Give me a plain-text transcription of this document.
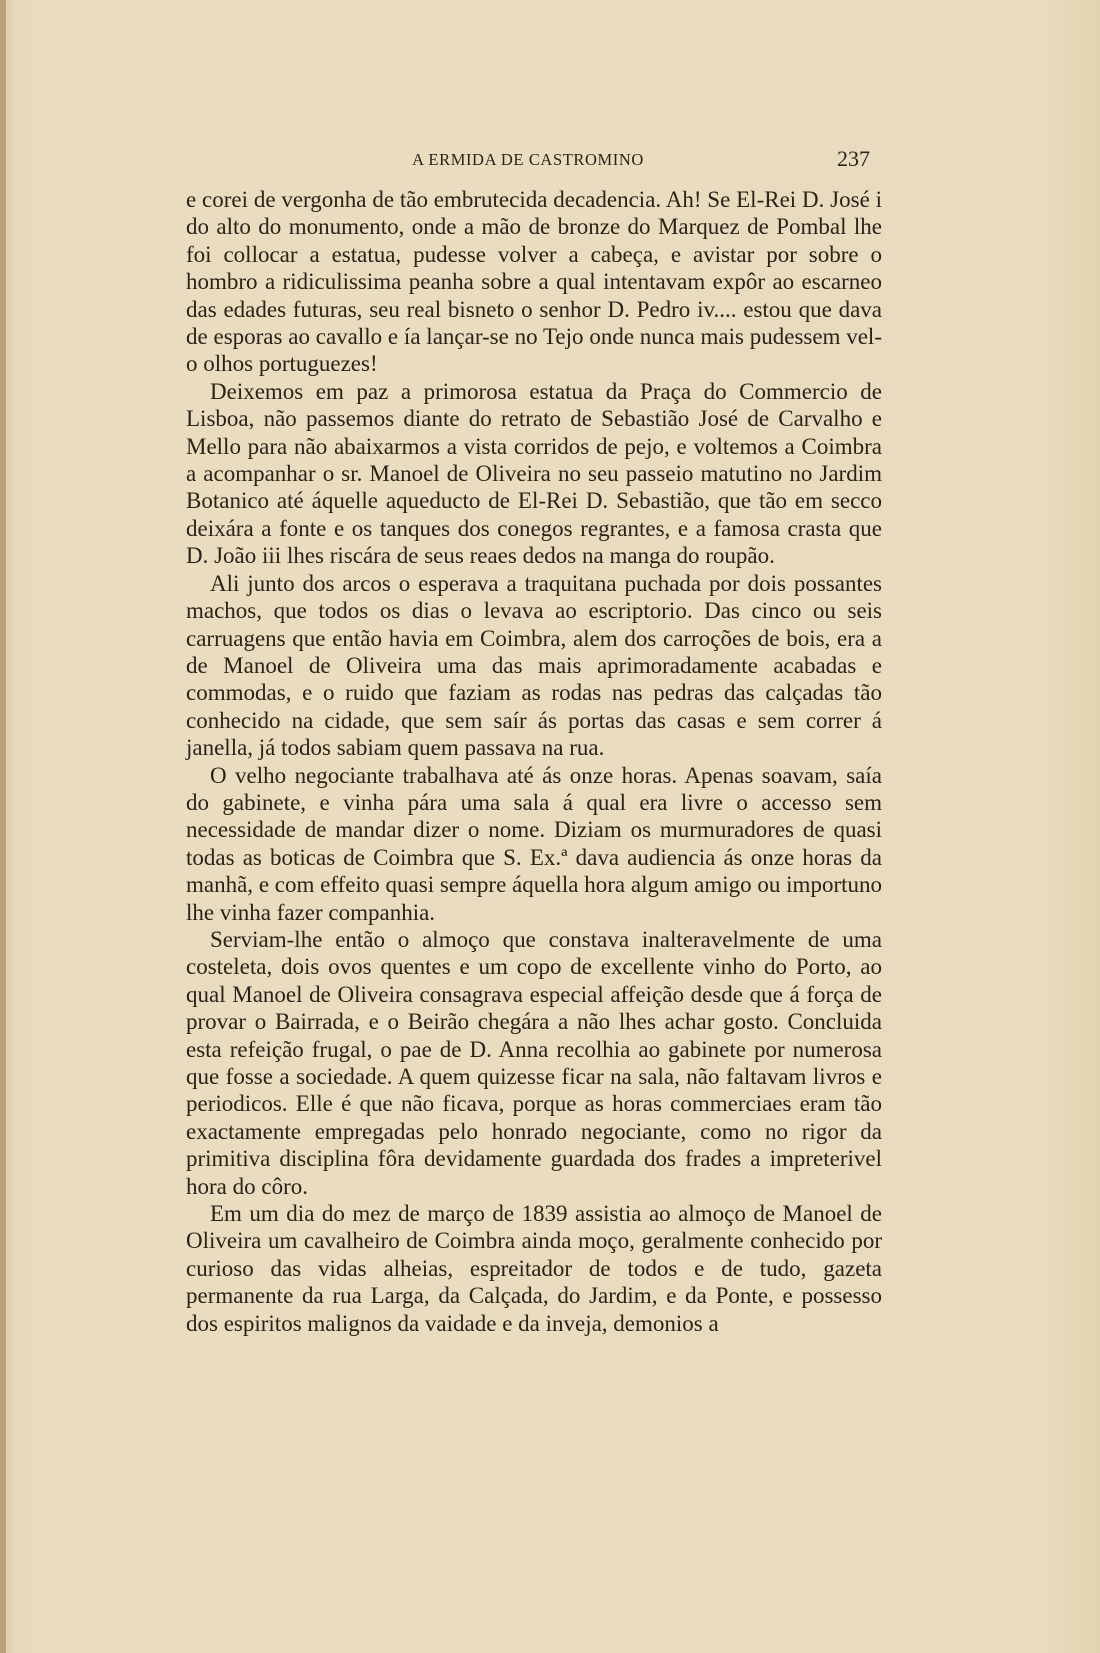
A ERMIDA DE CASTROMINO	237

e corei de vergonha de tão embrutecida decadencia. Ah! Se El-Rei D. José i do alto do monumento, onde a mão de bronze do Marquez de Pombal lhe foi collocar a estatua, pudesse volver a cabeça, e avistar por sobre o hombro a ridiculissima peanha sobre a qual intentavam expôr ao escarneo das edades futuras, seu real bisneto o senhor D. Pedro iv.... estou que dava de esporas ao cavallo e ía lançar-se no Tejo onde nunca mais pudessem vel-o olhos portuguezes!

Deixemos em paz a primorosa estatua da Praça do Commercio de Lisboa, não passemos diante do retrato de Sebastião José de Carvalho e Mello para não abaixarmos a vista corridos de pejo, e voltemos a Coimbra a acompanhar o sr. Manoel de Oliveira no seu passeio matutino no Jardim Botanico até áquelle aqueducto de El-Rei D. Sebastião, que tão em secco deixára a fonte e os tanques dos conegos regrantes, e a famosa crasta que D. João iii lhes riscára de seus reaes dedos na manga do roupão.

Ali junto dos arcos o esperava a traquitana puchada por dois possantes machos, que todos os dias o levava ao escriptorio. Das cinco ou seis carruagens que então havia em Coimbra, alem dos carroções de bois, era a de Manoel de Oliveira uma das mais aprimoradamente acabadas e commodas, e o ruido que faziam as rodas nas pedras das calçadas tão conhecido na cidade, que sem saír ás portas das casas e sem correr á janella, já todos sabiam quem passava na rua.

O velho negociante trabalhava até ás onze horas. Apenas soavam, saía do gabinete, e vinha pára uma sala á qual era livre o accesso sem necessidade de mandar dizer o nome. Diziam os murmuradores de quasi todas as boticas de Coimbra que S. Ex.ª dava audiencia ás onze horas da manhã, e com effeito quasi sempre áquella hora algum amigo ou importuno lhe vinha fazer companhia.

Serviam-lhe então o almoço que constava inalteravelmente de uma costeleta, dois ovos quentes e um copo de excellente vinho do Porto, ao qual Manoel de Oliveira consagrava especial affeição desde que á força de provar o Bairrada, e o Beirão chegára a não lhes achar gosto. Concluida esta refeição frugal, o pae de D. Anna recolhia ao gabinete por numerosa que fosse a sociedade. A quem quizesse ficar na sala, não faltavam livros e periodicos. Elle é que não ficava, porque as horas commerciaes eram tão exactamente empregadas pelo honrado negociante, como no rigor da primitiva disciplina fôra devidamente guardada dos frades a impreterivel hora do côro.

Em um dia do mez de março de 1839 assistia ao almoço de Manoel de Oliveira um cavalheiro de Coimbra ainda moço, geralmente conhecido por curioso das vidas alheias, espreitador de todos e de tudo, gazeta permanente da rua Larga, da Calçada, do Jardim, e da Ponte, e possesso dos espiritos malignos da vaidade e da inveja, demonios a
